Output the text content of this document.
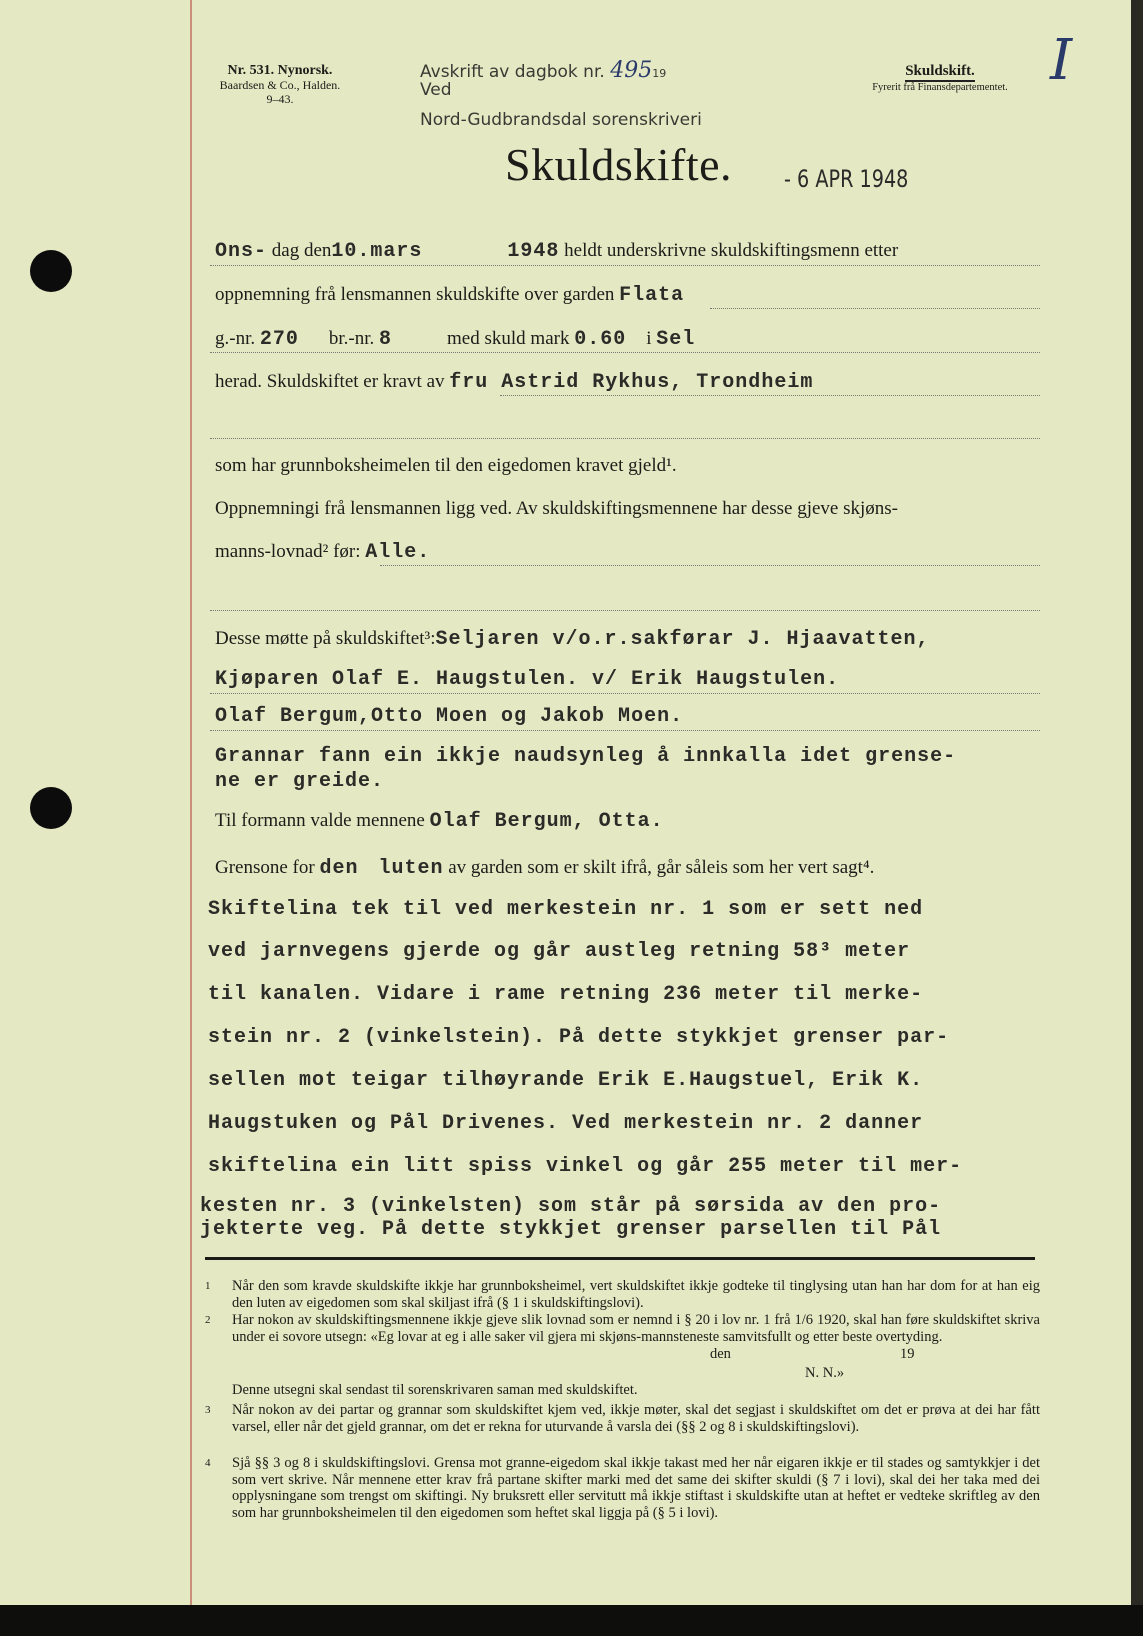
Nr. 531. Nynorsk.
Baardsen & Co., Halden.
9–43.
Avskrift av dagbok nr. 49519
Ved
Nord-Gudbrandsdal sorenskriveri
Skuldskift.
Fyrerit frå Finansdepartementet. I
Skuldskifte. - 6 APR 1948
Ons- dag den10.mars	1948 heldt underskrivne skuldskiftingsmenn etter
oppnemning frå lensmannen skuldskifte over garden Flata
g.-nr. 270 br.-nr. 8	med skuld mark 0.60 i Sel
herad. Skuldskiftet er kravt av fru Astrid Rykhus, Trondheim
som har grunnboksheimelen til den eigedomen kravet gjeld¹.
Oppnemningi frå lensmannen ligg ved. Av skuldskiftingsmennene har desse gjeve skjøns-
manns-lovnad² før: Alle.
Desse møtte på skuldskiftet³:Seljaren v/o.r.sakførar J. Hjaavatten,
Kjøparen Olaf E. Haugstulen. v/ Erik Haugstulen.
Olaf Bergum,Otto Moen og Jakob Moen.
Grannar fann ein ikkje naudsynleg å innkalla idet grense-
ne er greide.
Til formann valde mennene Olaf Bergum, Otta.
Grensone for den luten av garden som er skilt ifrå, går såleis som her vert sagt⁴.
Skiftelina tek til ved merkestein nr. 1 som er sett ned
ved jarnvegens gjerde og går austleg retning 58³ meter
til kanalen. Vidare i rame retning 236 meter til merke-
stein nr. 2 (vinkelstein). På dette stykkjet grenser par-
sellen mot teigar tilhøyrande Erik E.Haugstuel, Erik K.
Haugstuken og Pål Drivenes. Ved merkestein nr. 2 danner
skiftelina ein litt spiss vinkel og går 255 meter til mer-
kesten nr. 3 (vinkelsten) som står på sørsida av den pro-
jekterte veg. På dette stykkjet grenser parsellen til Pål
1 Når den som kravde skuldskifte ikkje har grunnboksheimel, vert skuldskiftet ikkje godteke til tinglysing utan han har dom for at han eig den luten av eigedomen som skal skiljast ifrå (§ 1 i skuldskiftingslovi).
2 Har nokon av skuldskiftingsmennene ikkje gjeve slik lovnad som er nemnd i § 20 i lov nr. 1 frå 1/6 1920, skal han føre skuldskiftet skriva under ei sovore utsegn: «Eg lovar at eg i alle saker vil gjera mi skjøns-mannsteneste samvitsfullt og etter beste overtyding.
den	19
N. N.»
Denne utsegni skal sendast til sorenskrivaren saman med skuldskiftet.
3 Når nokon av dei partar og grannar som skuldskiftet kjem ved, ikkje møter, skal det segjast i skuldskiftet om det er prøva at dei har fått varsel, eller når det gjeld grannar, om det er rekna for uturvande å varsla dei (§§ 2 og 8 i skuldskiftingslovi).
4 Sjå §§ 3 og 8 i skuldskiftingslovi. Grensa mot granne-eigedom skal ikkje takast med her når eigaren ikkje er til stades og samtykkjer i det som vert skrive. Når mennene etter krav frå partane skifter marki med det same dei skifter skuldi (§ 7 i lovi), skal dei her taka med dei opplysningane som trengst om skiftingi. Ny bruksrett eller servitutt må ikkje stiftast i skuldskifte utan at heftet er vedteke skriftleg av den som har grunnboksheimelen til den eigedomen som heftet skal liggja på (§ 5 i lovi).
